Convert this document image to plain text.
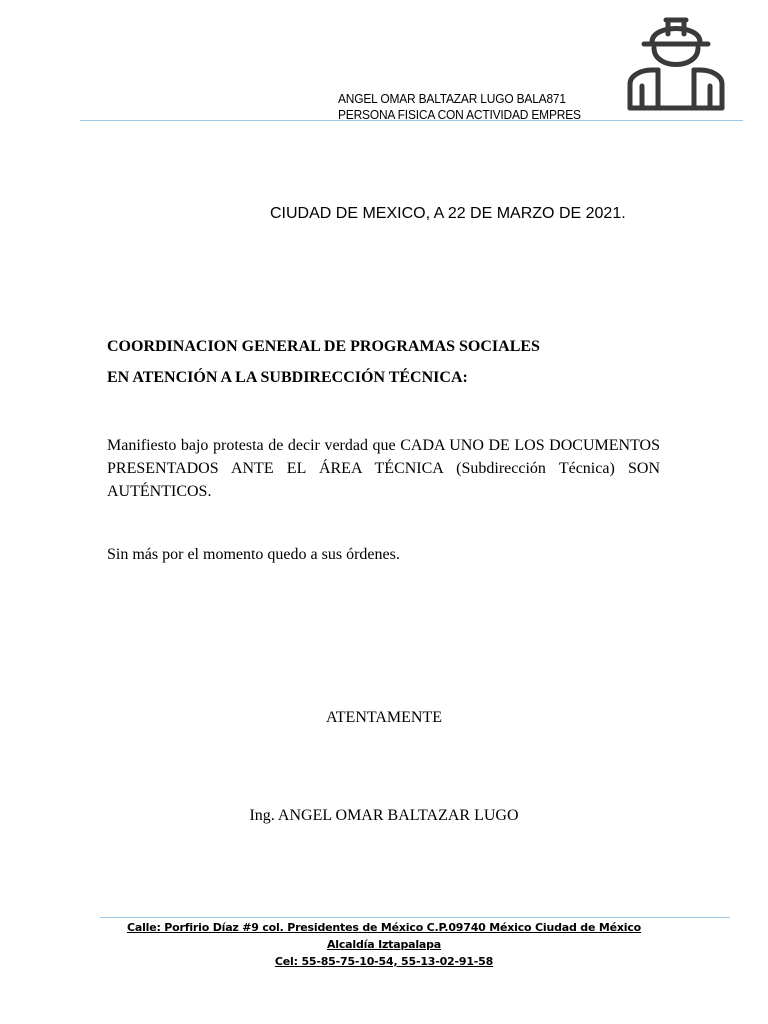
ANGEL OMAR BALTAZAR LUGO BALA871
PERSONA FISICA CON ACTIVIDAD EMPRES
CIUDAD DE MEXICO, A 22 DE MARZO DE 2021.
COORDINACION GENERAL DE PROGRAMAS SOCIALES
EN ATENCIÓN A LA SUBDIRECCIÓN TÉCNICA:
Manifiesto bajo protesta de decir verdad que CADA UNO DE LOS DOCUMENTOS PRESENTADOS ANTE EL ÁREA TÉCNICA (Subdirección Técnica) SON AUTÉNTICOS.
Sin más por el momento quedo a sus órdenes.
ATENTAMENTE
Ing. ANGEL OMAR BALTAZAR LUGO
Calle: Porfirio Díaz #9 col. Presidentes de México C.P.09740 México Ciudad de México
Alcaldía Iztapalapa
Cel: 55-85-75-10-54, 55-13-02-91-58
